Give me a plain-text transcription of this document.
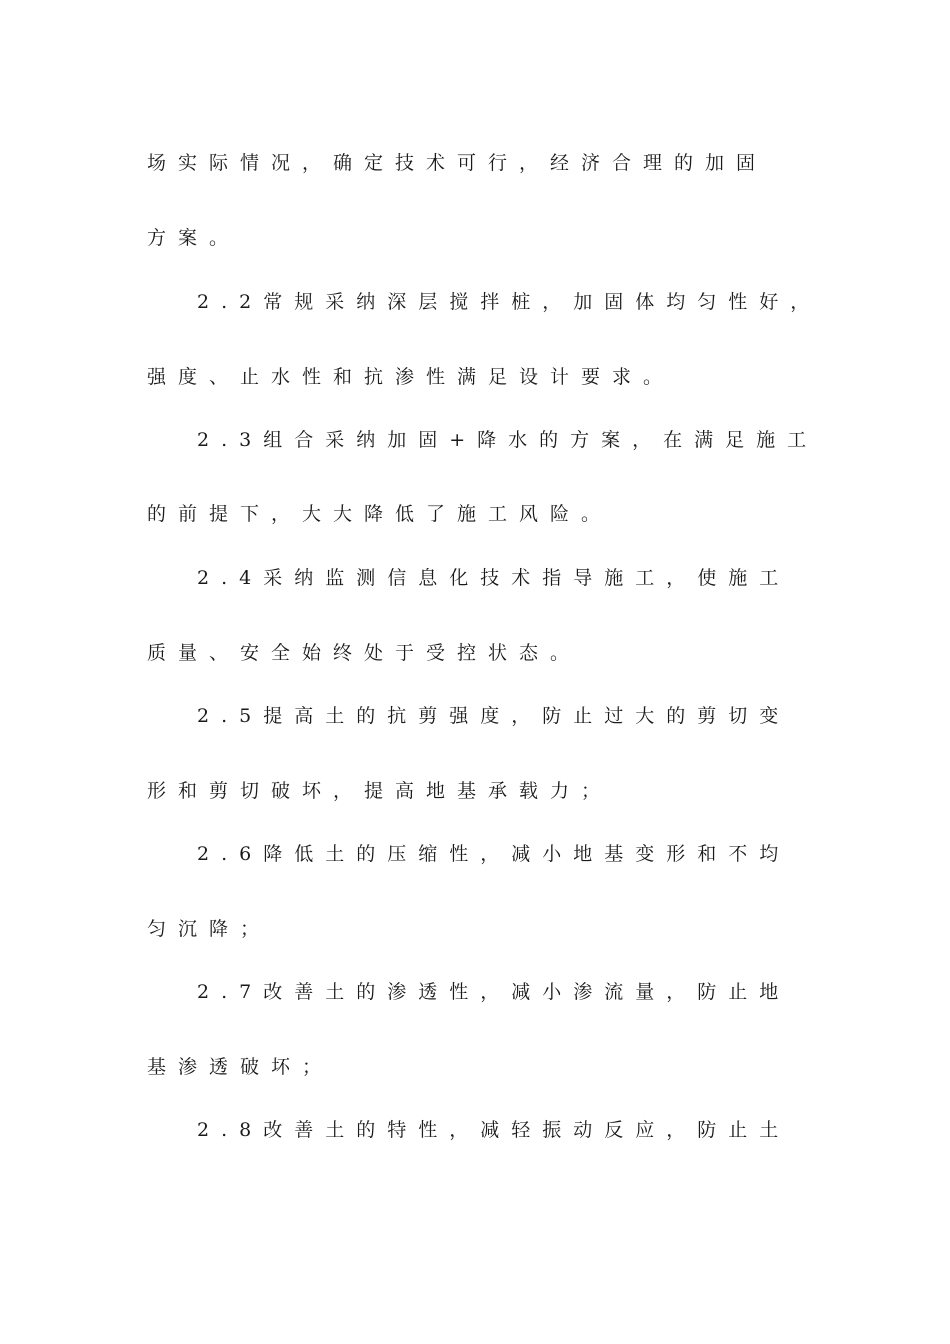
场实际情况，确定技术可行，经济合理的加固
方案。
2.2常规采纳深层搅拌桩，加固体均匀性好，
强度、止水性和抗渗性满足设计要求。
2.3组合采纳加固+降水的方案，在满足施工
的前提下，大大降低了施工风险。
2.4采纳监测信息化技术指导施工，使施工
质量、安全始终处于受控状态。
2.5提高土的抗剪强度，防止过大的剪切变
形和剪切破坏，提高地基承载力；
2.6降低土的压缩性，减小地基变形和不均
匀沉降；
2.7改善土的渗透性，减小渗流量，防止地
基渗透破坏；
2.8改善土的特性，减轻振动反应，防止土
